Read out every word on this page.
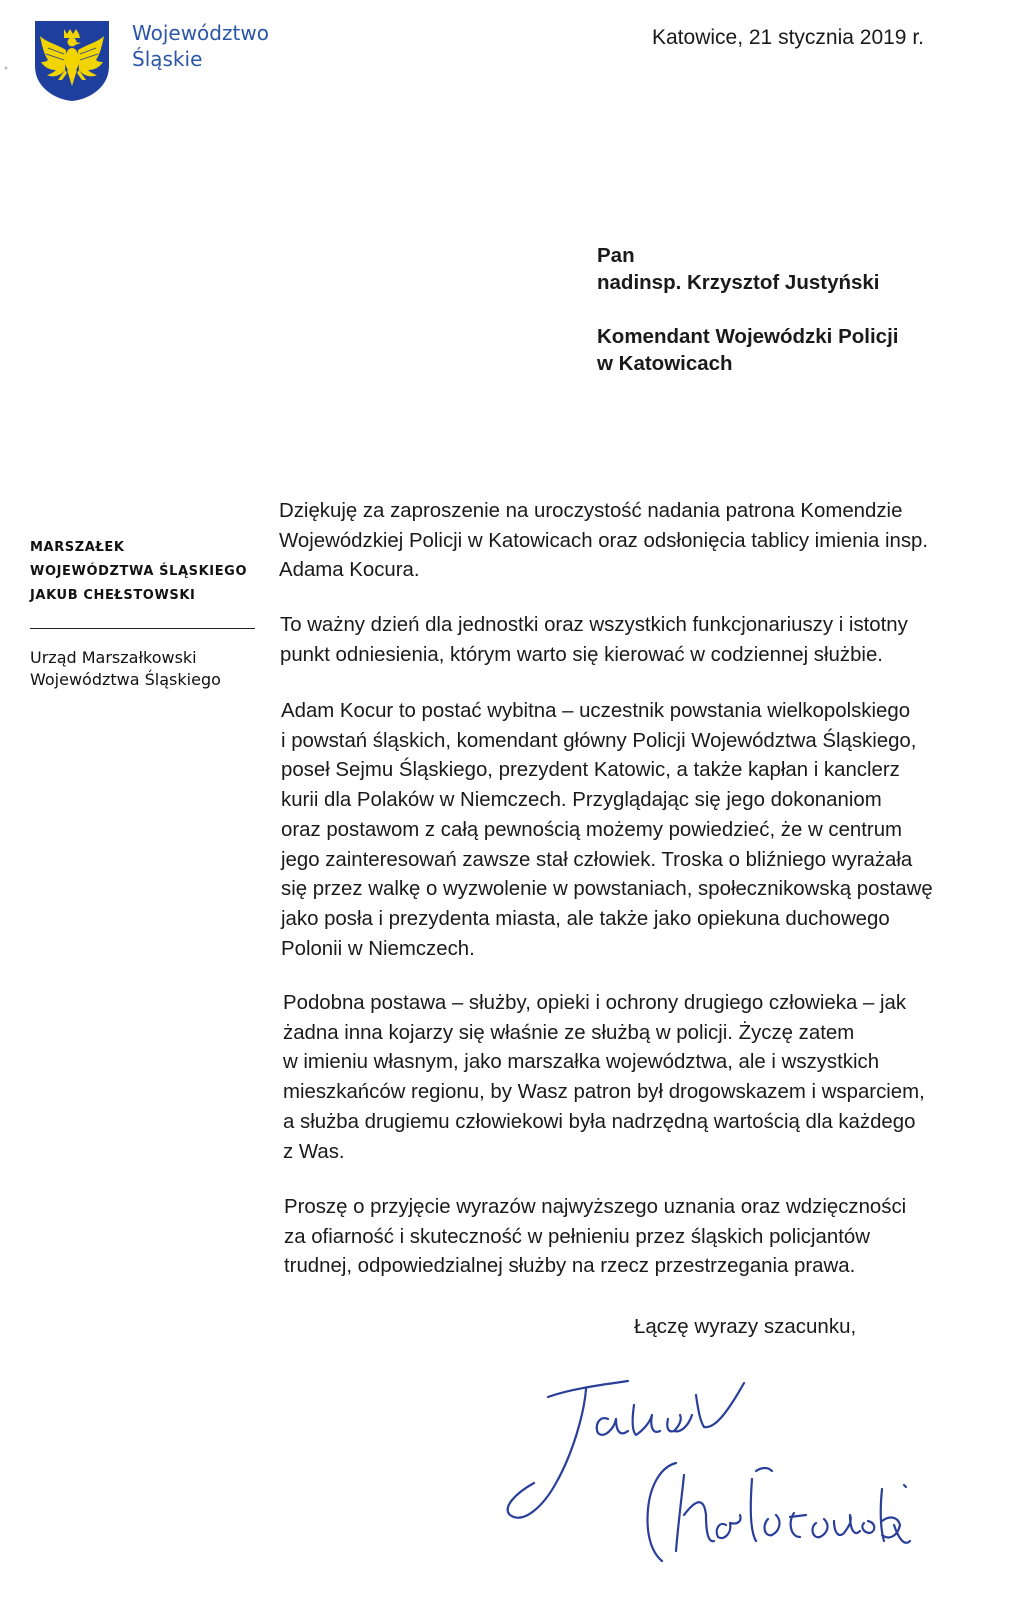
Województwo
Śląskie
Katowice, 21 stycznia 2019 r.
Pan
nadinsp. Krzysztof Justyński
Komendant Wojewódzki Policji
w Katowicach
MARSZAŁEK
WOJEWÓDZTWA ŚLĄSKIEGO
JAKUB CHEŁSTOWSKI
Urząd Marszałkowski
Województwa Śląskiego
Dziękuję za zaproszenie na uroczystość nadania patrona Komendzie
Wojewódzkiej Policji w Katowicach oraz odsłonięcia tablicy imienia insp.
Adama Kocura.
To ważny dzień dla jednostki oraz wszystkich funkcjonariuszy i istotny
punkt odniesienia, którym warto się kierować w codziennej służbie.
Adam Kocur to postać wybitna – uczestnik powstania wielkopolskiego
i powstań śląskich, komendant główny Policji Województwa Śląskiego,
poseł Sejmu Śląskiego, prezydent Katowic, a także kapłan i kanclerz
kurii dla Polaków w Niemczech. Przyglądając się jego dokonaniom
oraz postawom z całą pewnością możemy powiedzieć, że w centrum
jego zainteresowań zawsze stał człowiek. Troska o bliźniego wyrażała
się przez walkę o wyzwolenie w powstaniach, społecznikowską postawę
jako posła i prezydenta miasta, ale także jako opiekuna duchowego
Polonii w Niemczech.
Podobna postawa – służby, opieki i ochrony drugiego człowieka – jak
żadna inna kojarzy się właśnie ze służbą w policji. Życzę zatem
w imieniu własnym, jako marszałka województwa, ale i wszystkich
mieszkańców regionu, by Wasz patron był drogowskazem i wsparciem,
a służba drugiemu człowiekowi była nadrzędną wartością dla każdego
z Was.
Proszę o przyjęcie wyrazów najwyższego uznania oraz wdzięczności
za ofiarność i skuteczność w pełnieniu przez śląskich policjantów
trudnej, odpowiedzialnej służby na rzecz przestrzegania prawa.
Łączę wyrazy szacunku,
